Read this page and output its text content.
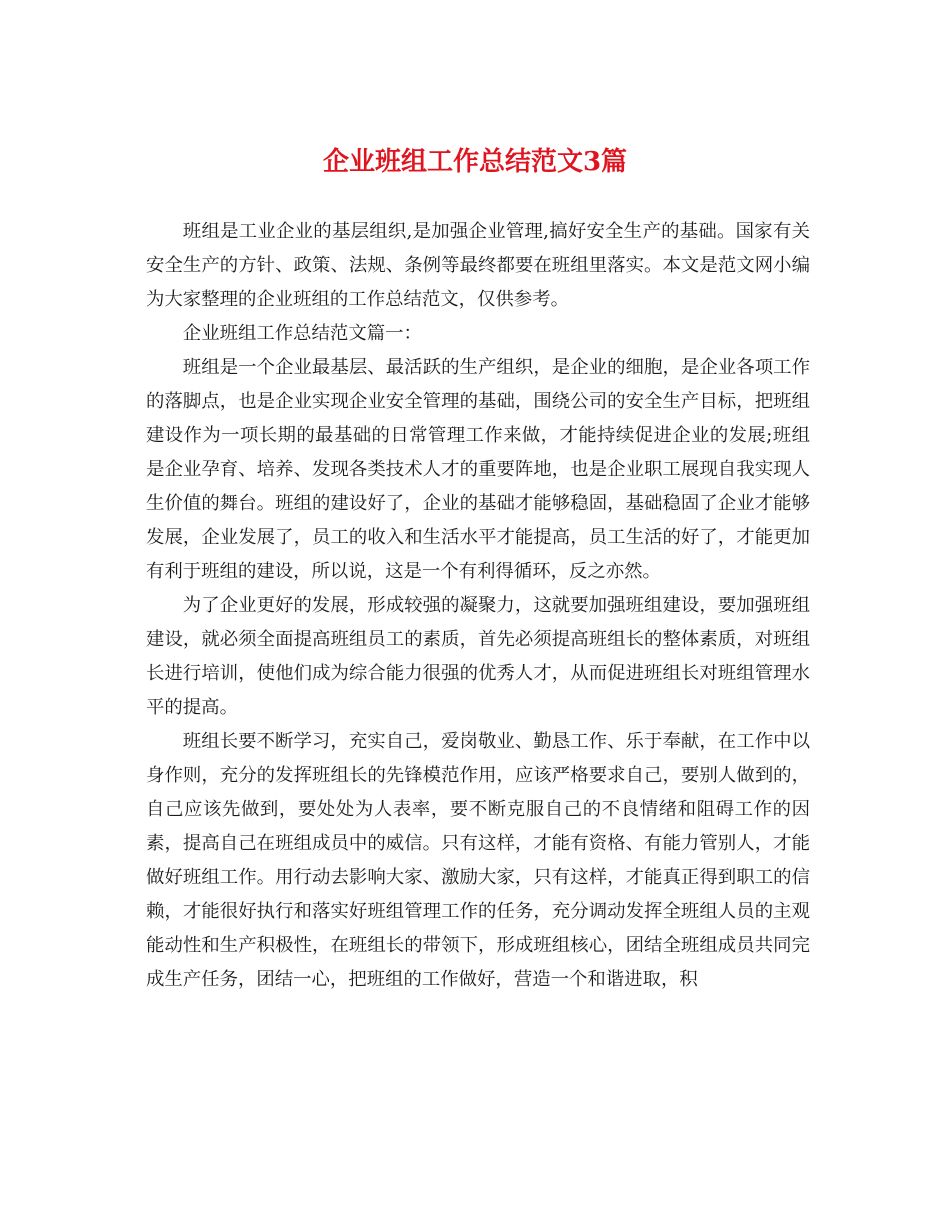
企业班组工作总结范文3篇

班组是工业企业的基层组织,是加强企业管理,搞好安全生产的基础。国家有关安全生产的方针、政策、法规、条例等最终都要在班组里落实。本文是范文网小编为大家整理的企业班组的工作总结范文，仅供参考。

企业班组工作总结范文篇一：

班组是一个企业最基层、最活跃的生产组织，是企业的细胞，是企业各项工作的落脚点，也是企业实现企业安全管理的基础，围绕公司的安全生产目标，把班组建设作为一项长期的最基础的日常管理工作来做，才能持续促进企业的发展;班组是企业孕育、培养、发现各类技术人才的重要阵地，也是企业职工展现自我实现人生价值的舞台。班组的建设好了，企业的基础才能够稳固，基础稳固了企业才能够发展，企业发展了，员工的收入和生活水平才能提高，员工生活的好了，才能更加有利于班组的建设，所以说，这是一个有利得循环，反之亦然。

为了企业更好的发展，形成较强的凝聚力，这就要加强班组建设，要加强班组建设，就必须全面提高班组员工的素质，首先必须提高班组长的整体素质，对班组长进行培训，使他们成为综合能力很强的优秀人才，从而促进班组长对班组管理水平的提高。

班组长要不断学习，充实自己，爱岗敬业、勤恳工作、乐于奉献，在工作中以身作则，充分的发挥班组长的先锋模范作用，应该严格要求自己，要别人做到的，自己应该先做到，要处处为人表率，要不断克服自己的不良情绪和阻碍工作的因素，提高自己在班组成员中的威信。只有这样，才能有资格、有能力管别人，才能做好班组工作。用行动去影响大家、激励大家，只有这样，才能真正得到职工的信赖，才能很好执行和落实好班组管理工作的任务，充分调动发挥全班组人员的主观能动性和生产积极性，在班组长的带领下，形成班组核心，团结全班组成员共同完成生产任务，团结一心，把班组的工作做好，营造一个和谐进取，积
